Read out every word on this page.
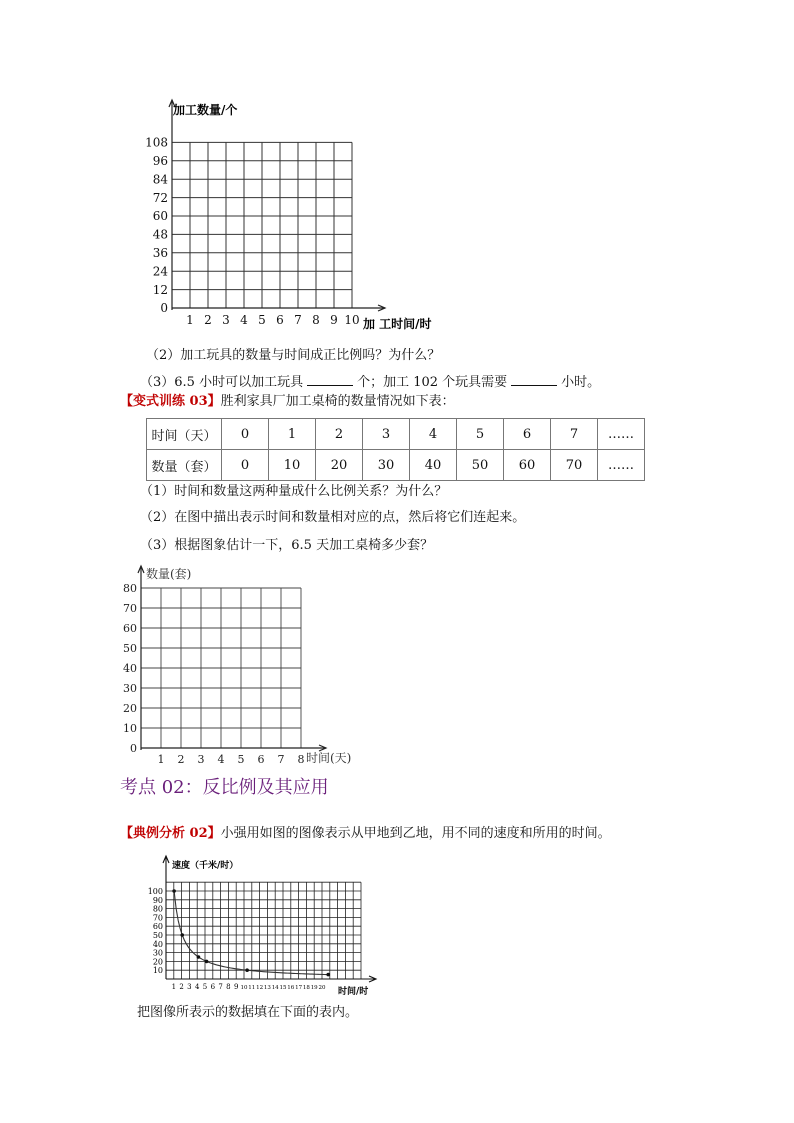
0
12
24
36
48
60
72
84
96
108
1 2 3 4 5 6 7 8 9 10
加工数量/个
加 工时间/时
（2）加工玩具的数量与时间成正比例吗？为什么？
（3）6.5 小时可以加工玩具	个；加工 102 个玩具需要	小时。
【变式训练 03】胜利家具厂加工桌椅的数量情况如下表：
时间（天）	0	1	2	3	4	5	6	7	……
数量（套）	0	10	20	30	40	50	60	70	……
（1）时间和数量这两种量成什么比例关系？为什么？
（2）在图中描出表示时间和数量相对应的点，然后将它们连起来。
（3）根据图象估计一下，6.5 天加工桌椅多少套？
0
10
20
30
40
50
60
70
80
1 2 3 4 5 6 7 8
数量(套)
时间(天)
考点 02：反比例及其应用
【典例分析 02】小强用如图的图像表示从甲地到乙地，用不同的速度和所用的时间。
10
20
30
40
50
60
70
80
90
100
1 2 3 4 5 6 7 8 9 10 11 12 13 14 15 16 17 18 19 20
速度（千米/时）
时间/时
把图像所表示的数据填在下面的表内。
